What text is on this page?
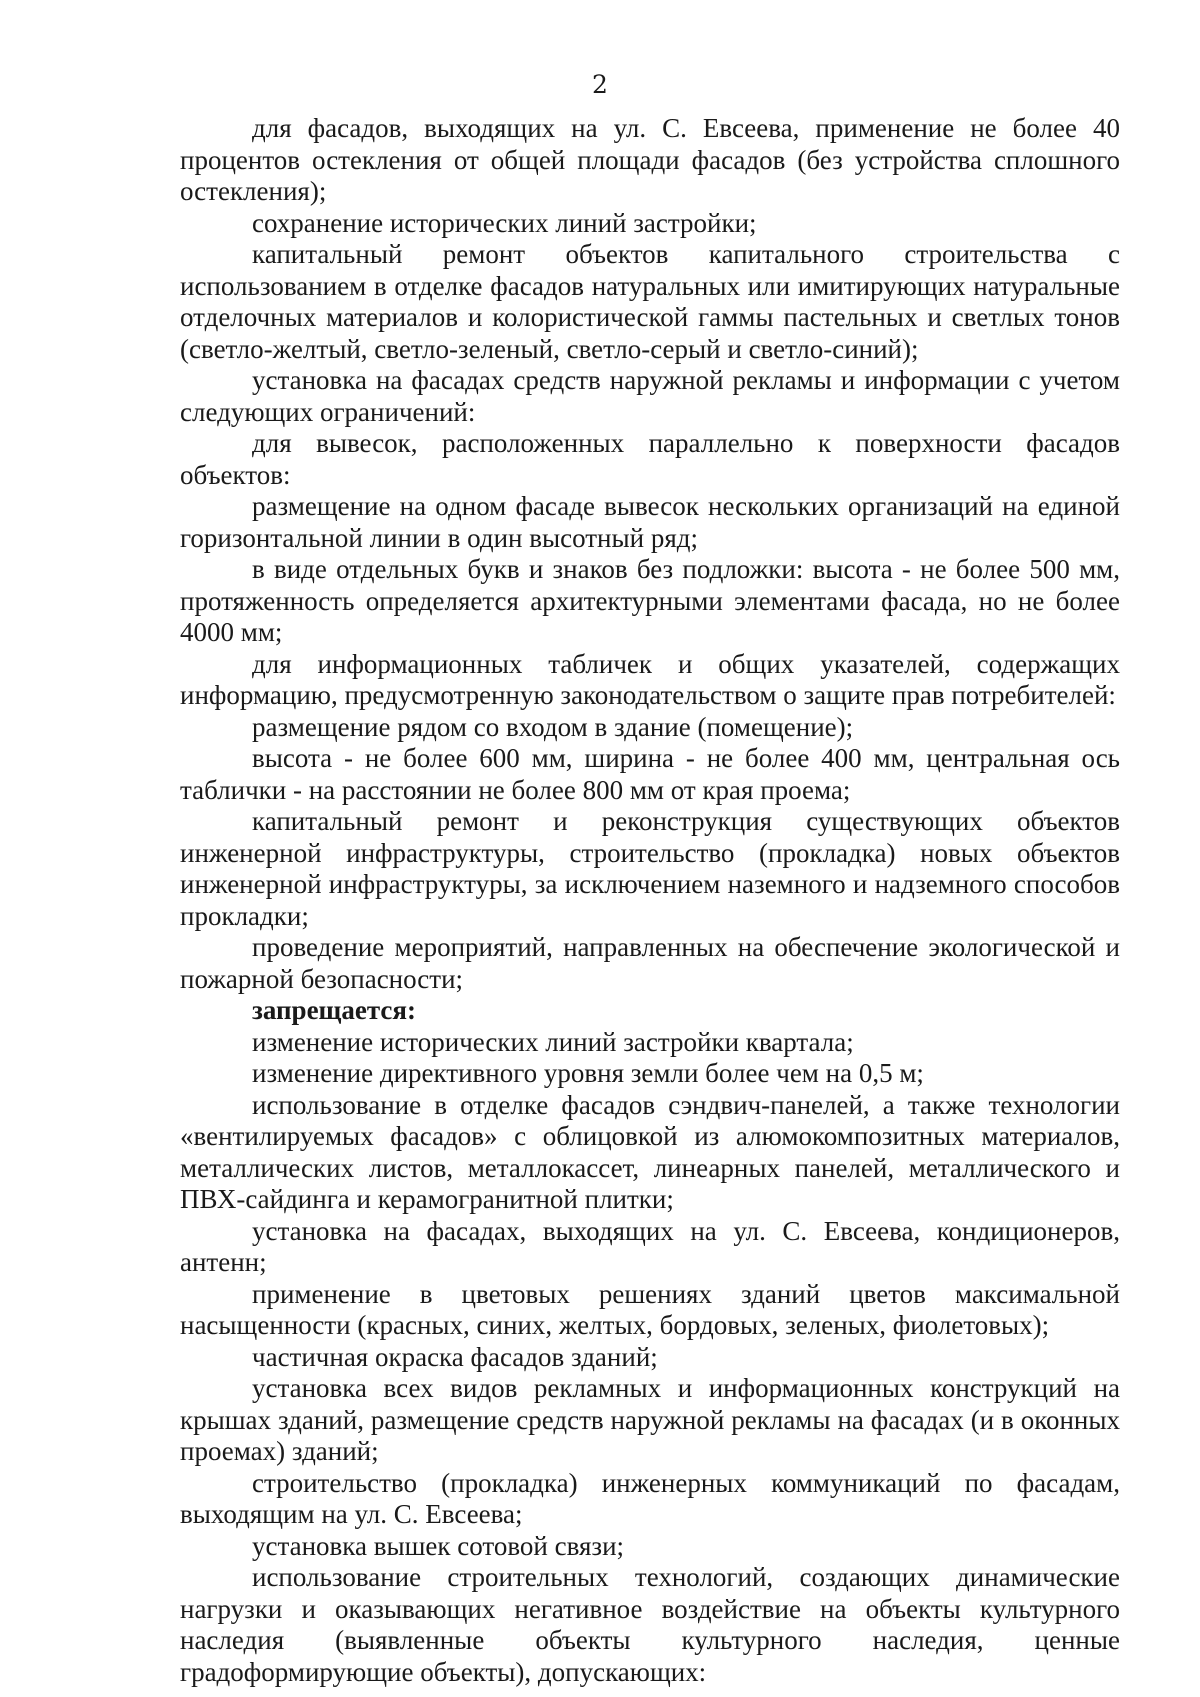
2

для фасадов, выходящих на ул. С. Евсеева, применение не более 40 процентов остекления от общей площади фасадов (без устройства сплошного остекления);

сохранение исторических линий застройки;

капитальный ремонт объектов капитального строительства с использованием в отделке фасадов натуральных или имитирующих натуральные отделочных материалов и колористической гаммы пастельных и светлых тонов (светло-желтый, светло-зеленый, светло-серый и светло-синий);

установка на фасадах средств наружной рекламы и информации с учетом следующих ограничений:

для вывесок, расположенных параллельно к поверхности фасадов объектов:

размещение на одном фасаде вывесок нескольких организаций на единой горизонтальной линии в один высотный ряд;

в виде отдельных букв и знаков без подложки: высота - не более 500 мм, протяженность определяется архитектурными элементами фасада, но не более 4000 мм;

для информационных табличек и общих указателей, содержащих информацию, предусмотренную законодательством о защите прав потребителей:

размещение рядом со входом в здание (помещение);

высота - не более 600 мм, ширина - не более 400 мм, центральная ось таблички - на расстоянии не более 800 мм от края проема;

капитальный ремонт и реконструкция существующих объектов инженерной инфраструктуры, строительство (прокладка) новых объектов инженерной инфраструктуры, за исключением наземного и надземного способов прокладки;

проведение мероприятий, направленных на обеспечение экологической и пожарной безопасности;

запрещается:

изменение исторических линий застройки квартала;

изменение директивного уровня земли более чем на 0,5 м;

использование в отделке фасадов сэндвич-панелей, а также технологии «вентилируемых фасадов» с облицовкой из алюмокомпозитных материалов, металлических листов, металлокассет, линеарных панелей, металлического и ПВХ-сайдинга и керамогранитной плитки;

установка на фасадах, выходящих на ул. С. Евсеева, кондиционеров, антенн;

применение в цветовых решениях зданий цветов максимальной насыщенности (красных, синих, желтых, бордовых, зеленых, фиолетовых);

частичная окраска фасадов зданий;

установка всех видов рекламных и информационных конструкций на крышах зданий, размещение средств наружной рекламы на фасадах (и в оконных проемах) зданий;

строительство (прокладка) инженерных коммуникаций по фасадам, выходящим на ул. С. Евсеева;

установка вышек сотовой связи;

использование строительных технологий, создающих динамические нагрузки и оказывающих негативное воздействие на объекты культурного наследия (выявленные объекты культурного наследия, ценные градоформирующие объекты), допускающих:
